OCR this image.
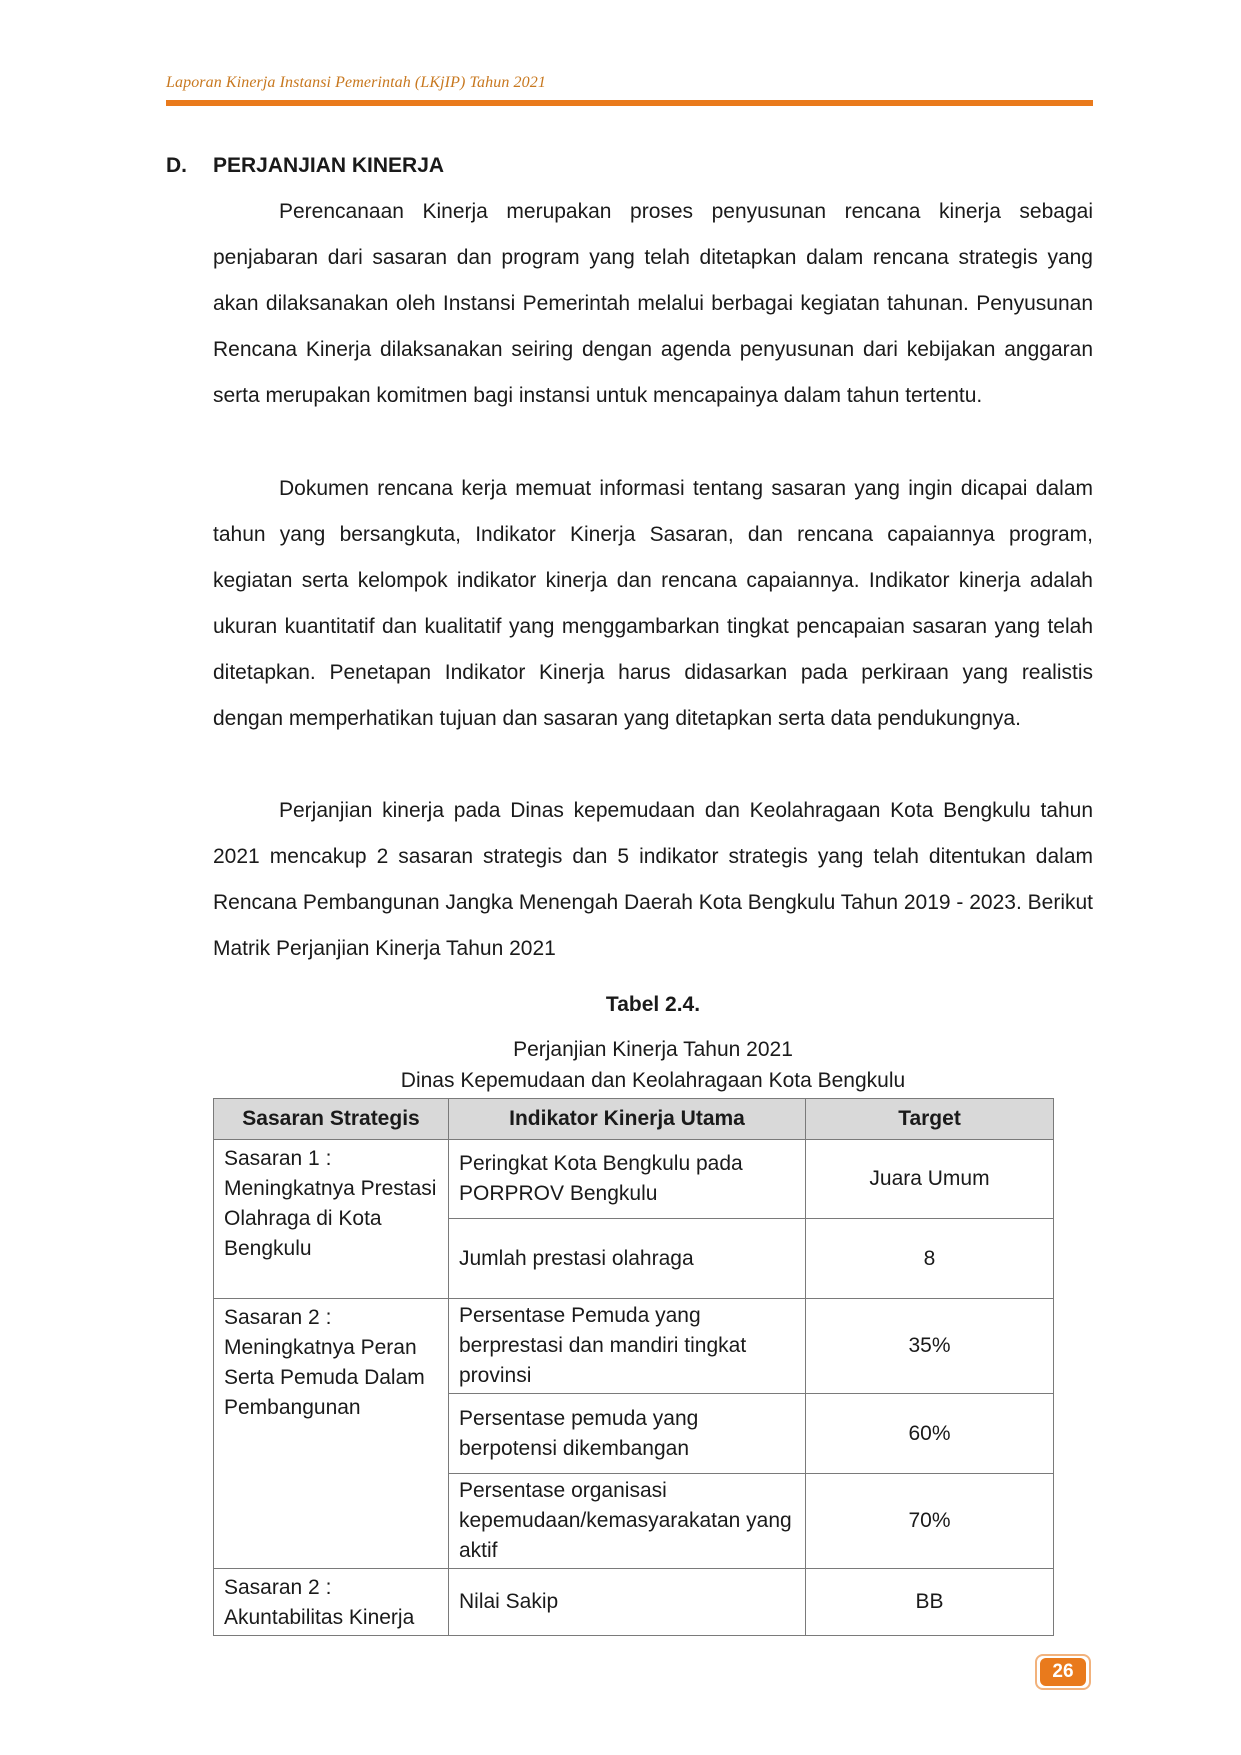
Laporan Kinerja Instansi Pemerintah (LKjIP) Tahun 2021
D. PERJANJIAN KINERJA

Perencanaan Kinerja merupakan proses penyusunan rencana kinerja sebagai penjabaran dari sasaran dan program yang telah ditetapkan dalam rencana strategis yang akan dilaksanakan oleh Instansi Pemerintah melalui berbagai kegiatan tahunan. Penyusunan Rencana Kinerja dilaksanakan seiring dengan agenda penyusunan dari kebijakan anggaran serta merupakan komitmen bagi instansi untuk mencapainya dalam tahun tertentu.

Dokumen rencana kerja memuat informasi tentang sasaran yang ingin dicapai dalam tahun yang bersangkuta, Indikator Kinerja Sasaran, dan rencana capaiannya program, kegiatan serta kelompok indikator kinerja dan rencana capaiannya. Indikator kinerja adalah ukuran kuantitatif dan kualitatif yang menggambarkan tingkat pencapaian sasaran yang telah ditetapkan. Penetapan Indikator Kinerja harus didasarkan pada perkiraan yang realistis dengan memperhatikan tujuan dan sasaran yang ditetapkan serta data pendukungnya.

Perjanjian kinerja pada Dinas kepemudaan dan Keolahragaan Kota Bengkulu tahun 2021 mencakup 2 sasaran strategis dan 5 indikator strategis yang telah ditentukan dalam Rencana Pembangunan Jangka Menengah Daerah Kota Bengkulu Tahun 2019 - 2023. Berikut Matrik Perjanjian Kinerja Tahun 2021

Tabel 2.4.
Perjanjian Kinerja Tahun 2021
Dinas Kepemudaan dan Keolahragaan Kota Bengkulu
Sasaran Strategis	Indikator Kinerja Utama	Target

Sasaran 1 :
Meningkatnya Prestasi Olahraga di Kota Bengkulu	Peringkat Kota Bengkulu pada PORPROV Bengkulu	Juara Umum
	Jumlah prestasi olahraga	8

Sasaran 2 :
Meningkatnya Peran Serta Pemuda Dalam Pembangunan	Persentase Pemuda yang berprestasi dan mandiri tingkat provinsi	35%
	Persentase pemuda yang berpotensi dikembangan	60%
	Persentase organisasi kepemudaan/kemasyarakatan yang aktif	70%

Sasaran 2 :
Akuntabilitas Kinerja	Nilai Sakip	BB
26
